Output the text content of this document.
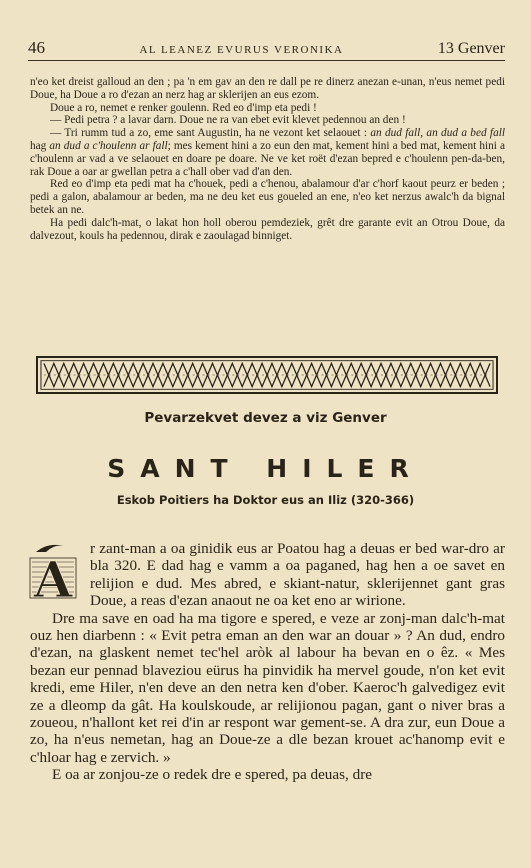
46	AL LEANEZ EVURUS VERONIKA	13 Genver

n'eo ket dreist galloud an den ; pa 'n em gav an den re dall pe re dinerz anezan e-unan, n'eus nemet pedi Doue, ha Doue a ro d'ezan an nerz hag ar sklerijen an eus ezom.

Doue a ro, nemet e renker goulenn. Red eo d'imp eta pedi !

— Pedi petra ? a lavar darn. Doue ne ra van ebet evit klevet pedennou an den !

— Tri rumm tud a zo, eme sant Augustin, ha ne vezont ket selaouet : an dud fall, an dud a bed fall hag an dud a c'houlenn ar fall; mes kement hini a zo eun den mat, kement hini a bed mat, kement hini a c'houlenn ar vad a ve selaouet en doare pe doare. Ne ve ket roët d'ezan bepred e c'houlenn pen-da-ben, rak Doue a oar ar gwellan petra a c'hall ober vad d'an den.

Red eo d'imp eta pedi mat ha c'houek, pedi a c'henou, abalamour d'ar c'horf kaout peurz er beden ; pedi a galon, abalamour ar beden, ma ne deu ket eus goueled an ene, n'eo ket nerzus awalc'h da bignal betek an ne.

Ha pedi dalc'h-mat, o lakat hon holl oberou pemdeziek, grêt dre garante evit an Otrou Doue, da dalvezout, kouls ha pedennou, dirak e zaoulagad binniget.

Pevarzekvet devez a viz Genver
SANT HILER
Eskob Poitiers ha Doktor eus an Iliz (320-366)
A

r zant-man a oa ginidik eus ar Poatou hag a deuas er bed war-dro ar bla 320. E dad hag e vamm a oa paganed, hag hen a oe savet en relijion e dud. Mes abred, e skiant-natur, sklerijennet gant gras Doue, a reas d'ezan anaout ne oa ket eno ar wirione.

Dre ma save en oad ha ma tigore e spered, e veze ar zonj-man dalc'h-mat ouz hen diarbenn : « Evit petra eman an den war an douar » ? An dud, endro d'ezan, na glaskent nemet tec'hel aròk al labour ha bevan en o êz. « Mes bezan eur pennad blaveziou eürus ha pinvidik ha mervel goude, n'on ket evit kredi, eme Hiler, n'en deve an den netra ken d'ober. Kaeroc'h galvedigez evit ze a dleomp da gât. Ha koulskoude, ar relijionou pagan, gant o niver bras a zoueou, n'hallont ket rei d'in ar respont war gement-se. A dra zur, eun Doue a zo, ha n'eus nemetan, hag an Doue-ze a dle bezan krouet ac'hanomp evit e c'hloar hag e zervich. »

E oa ar zonjou-ze o redek dre e spered, pa deuas, dre
